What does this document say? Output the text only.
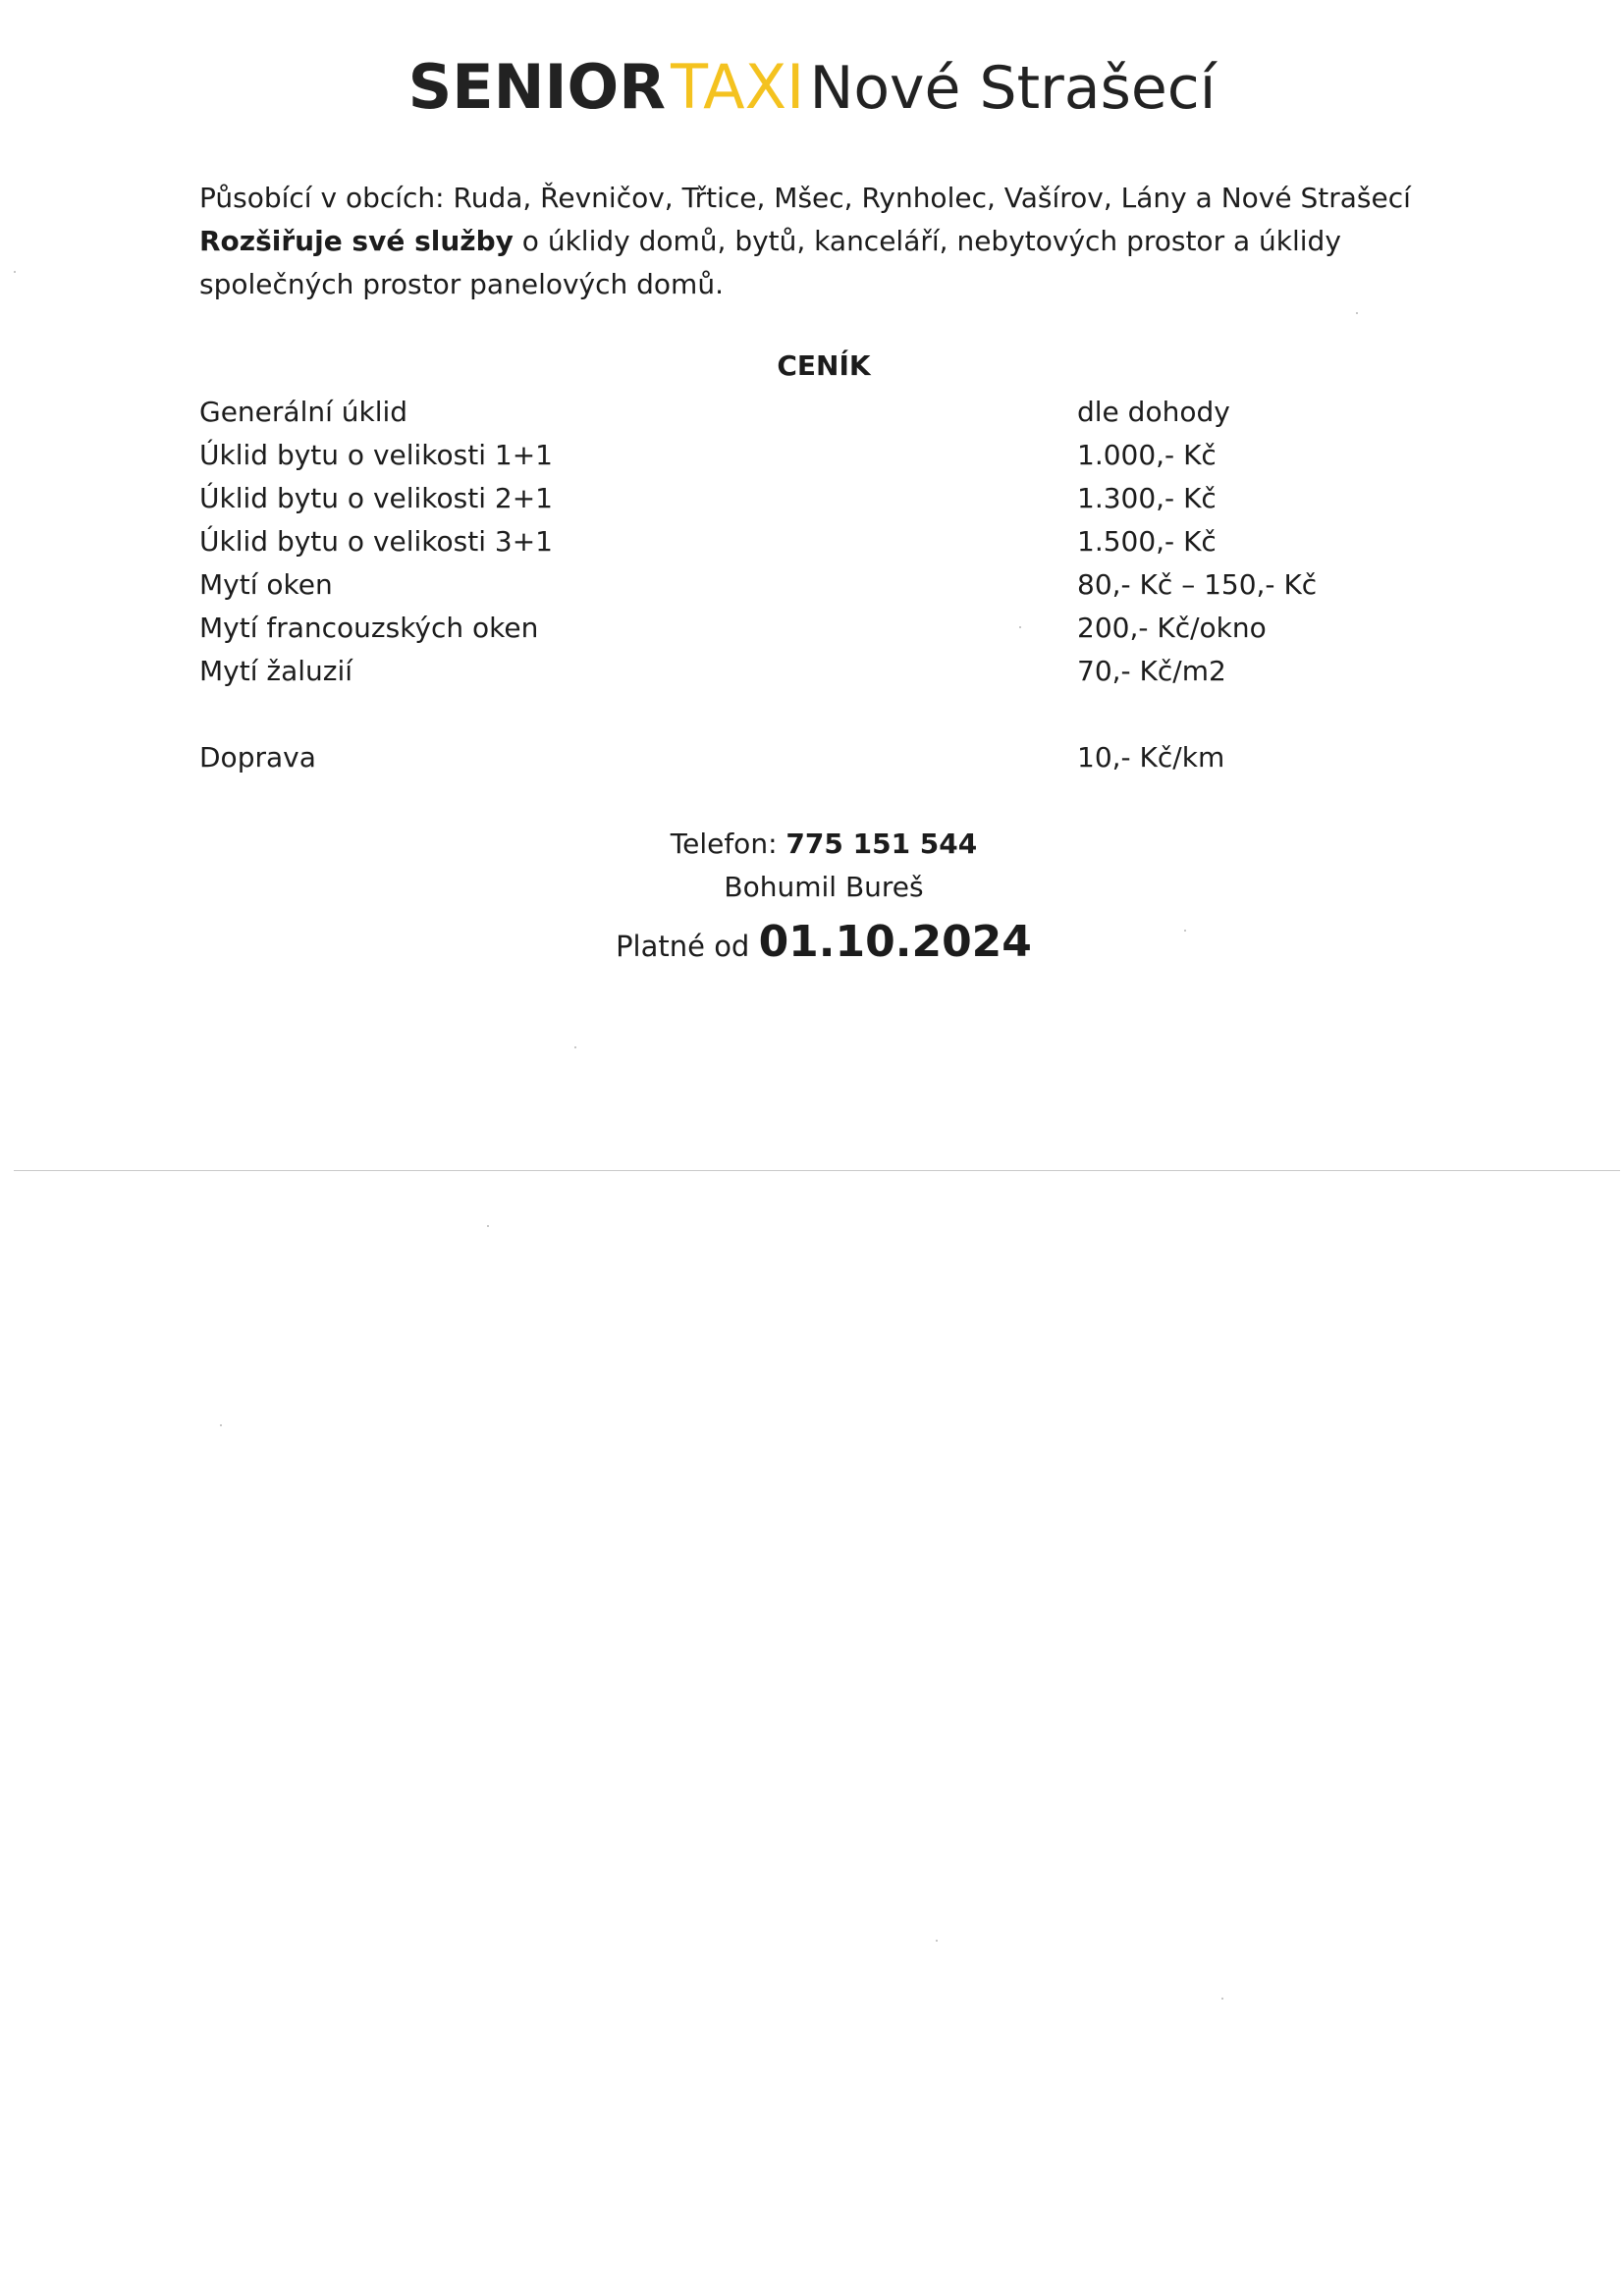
SENIOR TAXI Nové Strašecí
Působící v obcích: Ruda, Řevničov, Třtice, Mšec, Rynholec, Vašírov, Lány a Nové Strašecí
Rozšiřuje své služby o úklidy domů, bytů, kanceláří, nebytových prostor a úklidy společných prostor panelových domů.
CENÍK
Generální úklid	dle dohody
Úklid bytu o velikosti 1+1	1.000,- Kč
Úklid bytu o velikosti 2+1	1.300,- Kč
Úklid bytu o velikosti 3+1	1.500,- Kč
Mytí oken	80,- Kč – 150,- Kč
Mytí francouzských oken	200,- Kč/okno
Mytí žaluzií	70,- Kč/m2
Doprava	10,- Kč/km
Telefon: 775 151 544
Bohumil Bureš
Platné od 01.10.2024
